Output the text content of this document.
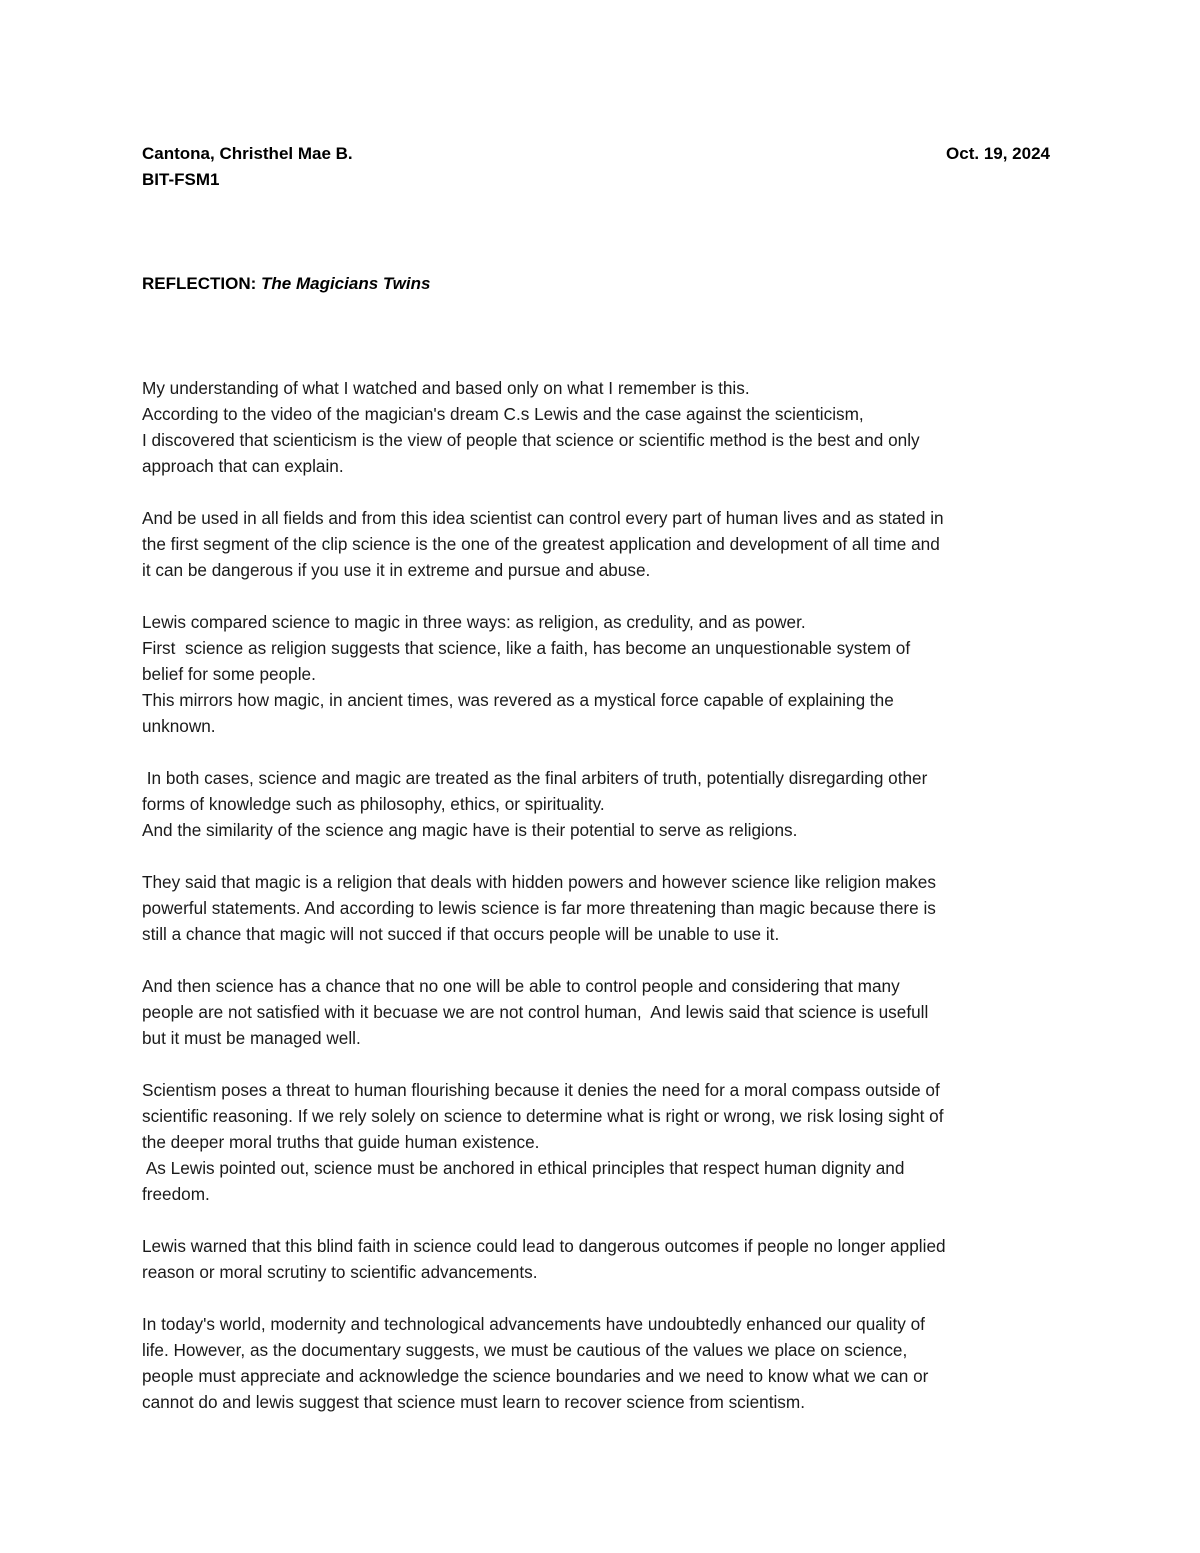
Cantona, Christhel Mae B.	Oct. 19, 2024
BIT-FSM1
REFLECTION: The Magicians Twins

My understanding of what I watched and based only on what I remember is this.
According to the video of the magician's dream C.s Lewis and the case against the scienticism,
I discovered that scienticism is the view of people that science or scientific method is the best and only
approach that can explain.

And be used in all fields and from this idea scientist can control every part of human lives and as stated in
the first segment of the clip science is the one of the greatest application and development of all time and
it can be dangerous if you use it in extreme and pursue and abuse.

Lewis compared science to magic in three ways: as religion, as credulity, and as power.
First  science as religion suggests that science, like a faith, has become an unquestionable system of
belief for some people.
This mirrors how magic, in ancient times, was revered as a mystical force capable of explaining the
unknown.

In both cases, science and magic are treated as the final arbiters of truth, potentially disregarding other
forms of knowledge such as philosophy, ethics, or spirituality.
And the similarity of the science ang magic have is their potential to serve as religions.

They said that magic is a religion that deals with hidden powers and however science like religion makes
powerful statements. And according to lewis science is far more threatening than magic because there is
still a chance that magic will not succed if that occurs people will be unable to use it.

And then science has a chance that no one will be able to control people and considering that many
people are not satisfied with it becuase we are not control human,  And lewis said that science is usefull
but it must be managed well.

Scientism poses a threat to human flourishing because it denies the need for a moral compass outside of
scientific reasoning. If we rely solely on science to determine what is right or wrong, we risk losing sight of
the deeper moral truths that guide human existence.
As Lewis pointed out, science must be anchored in ethical principles that respect human dignity and
freedom.

Lewis warned that this blind faith in science could lead to dangerous outcomes if people no longer applied
reason or moral scrutiny to scientific advancements.

In today's world, modernity and technological advancements have undoubtedly enhanced our quality of
life. However, as the documentary suggests, we must be cautious of the values we place on science,
people must appreciate and acknowledge the science boundaries and we need to know what we can or
cannot do and lewis suggest that science must learn to recover science from scientism.
